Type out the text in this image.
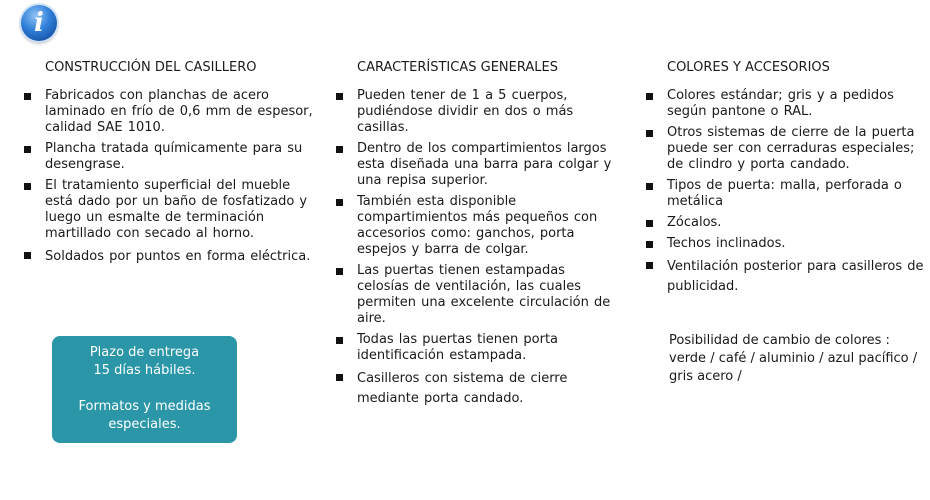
i
CONSTRUCCIÓN DEL CASILLERO
Fabricados con planchas de acero laminado en frío de 0,6 mm de espesor, calidad SAE 1010.
Plancha tratada químicamente para su desengrase.
El tratamiento superficial del mueble está dado por un baño de fosfatizado y luego un esmalte de terminación martillado con secado al horno.
Soldados por puntos en forma eléctrica.
CARACTERÍSTICAS GENERALES
Pueden tener de 1 a 5 cuerpos, pudiéndose dividir en dos o más casillas.
Dentro de los compartimientos largos esta diseñada una barra para colgar y una repisa superior.
También esta disponible compartimientos más pequeños con accesorios como: ganchos, porta espejos y barra de colgar.
Las puertas tienen estampadas celosías de ventilación, las cuales permiten una excelente circulación de aire.
Todas las puertas tienen porta identificación estampada.
Casilleros con sistema de cierre mediante porta candado.
COLORES Y ACCESORIOS
Colores estándar; gris y a pedidos según pantone o RAL.
Otros sistemas de cierre de la puerta puede ser con cerraduras especiales; de clindro y porta candado.
Tipos de puerta: malla, perforada o metálica
Zócalos.
Techos inclinados.
Ventilación posterior para casilleros de publicidad.
Posibilidad de cambio de colores :
verde / café / aluminio / azul pacífico / gris acero /
Plazo de entrega
15 días hábiles.
Formatos y medidas
especiales.
